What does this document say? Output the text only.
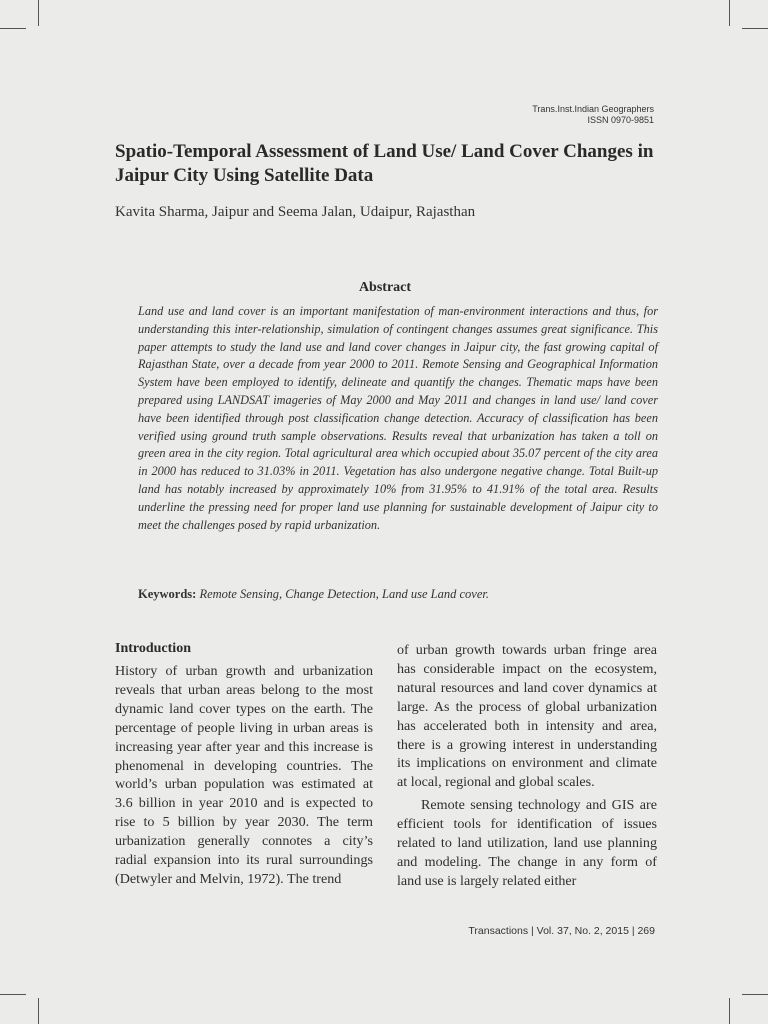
Trans.Inst.Indian Geographers
ISSN 0970-9851
Spatio-Temporal Assessment of Land Use/ Land Cover Changes in Jaipur City Using Satellite Data

Kavita Sharma, Jaipur and Seema Jalan, Udaipur, Rajasthan

Abstract

Land use and land cover is an important manifestation of man-environment interactions and thus, for understanding this inter-relationship, simulation of contingent changes assumes great significance. This paper attempts to study the land use and land cover changes in Jaipur city, the fast growing capital of Rajasthan State, over a decade from year 2000 to 2011. Remote Sensing and Geographical Information System have been employed to identify, delineate and quantify the changes. Thematic maps have been prepared using LANDSAT imageries of May 2000 and May 2011 and changes in land use/ land cover have been identified through post classification change detection. Accuracy of classification has been verified using ground truth sample observations. Results reveal that urbanization has taken a toll on green area in the city region. Total agricultural area which occupied about 35.07 percent of the city area in 2000 has reduced to 31.03% in 2011. Vegetation has also undergone negative change. Total Built-up land has notably increased by approximately 10% from 31.95% to 41.91% of the total area. Results underline the pressing need for proper land use planning for sustainable development of Jaipur city to meet the challenges posed by rapid urbanization.

Keywords: Remote Sensing, Change Detection, Land use Land cover.

Introduction

History of urban growth and urbanization reveals that urban areas belong to the most dynamic land cover types on the earth. The percentage of people living in urban areas is increasing year after year and this increase is phenomenal in developing countries. The world’s urban population was estimated at 3.6 billion in year 2010 and is expected to rise to 5 billion by year 2030. The term urbanization generally connotes a city’s radial expansion into its rural surroundings (Detwyler and Melvin, 1972). The trend

of urban growth towards urban fringe area has considerable impact on the ecosystem, natural resources and land cover dynamics at large. As the process of global urbanization has accelerated both in intensity and area, there is a growing interest in understanding its implications on environment and climate at local, regional and global scales.

Remote sensing technology and GIS are efficient tools for identification of issues related to land utilization, land use planning and modeling. The change in any form of land use is largely related either

Transactions | Vol. 37, No. 2, 2015 | 269
